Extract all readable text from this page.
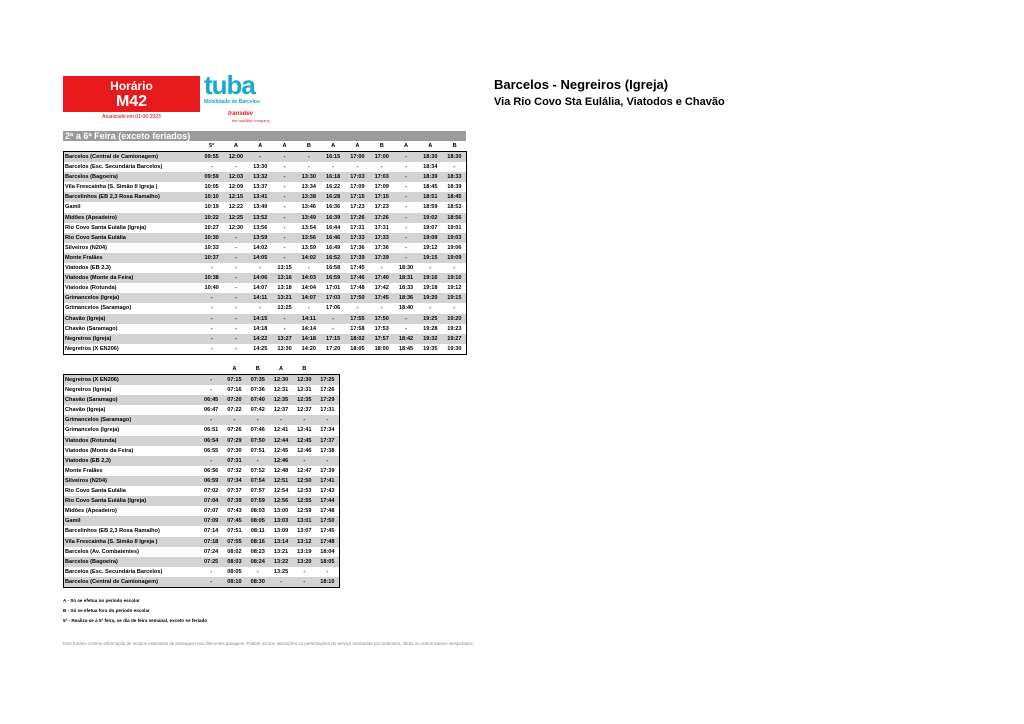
Horário
M42
Atualizado em 01-06-2023
tuba
Mobilidade de Barcelos
transdev
the mobility company
Barcelos - Negreiros (Igreja)
Via Rio Covo Sta Eulália, Viatodos e Chavão
2ª a 6ª Feira (exceto feriados)
	5ª	A	A	A	B	A	A	B	A	A	B
Barcelos (Central de Camionagem)	09:55	12:00	-	-	-	16:15	17:00	17:00	-	18:30	18:30
Barcelos (Esc. Secundária Barcelos)	-	-	13:30	-	-	-	-	-	-	18:34	-
Barcelos (Bagoeira)	09:59	12:03	13:32	-	13:30	16:18	17:03	17:03	-	18:39	18:33
Vila Frescainha (S. Simão II Igreja )	10:05	12:09	13:37	-	13:34	16:22	17:09	17:09	-	18:45	18:39
Barcelinhos (EB 2,3 Rosa Ramalho)	10:10	12:15	13:41	-	13:38	16:28	17:15	17:15	-	18:51	18:45
Gamil	10:19	12:22	13:49	-	13:46	16:36	17:23	17:23	-	18:59	18:53
Midões (Apeadeiro)	10:22	12:25	13:52	-	13:49	16:39	17:26	17:26	-	19:02	18:56
Rio Covo Santa Eulália (Igreja)	10:27	12:30	13:56	-	13:54	16:44	17:31	17:31	-	19:07	19:01
Rio Covo Santa Eulália	10:30	-	13:59	-	13:56	16:46	17:33	17:33	-	19:09	19:03
Silveiros (N204)	10:33	-	14:02	-	13:59	16:49	17:36	17:36	-	19:12	19:06
Monte Fralães	10:37	-	14:05	-	14:02	16:52	17:39	17:39	-	19:15	19:09
Viatodos (EB 2,3)	-	-	-	13:15	-	16:58	17:45	-	18:30	-	-
Viatodos (Monte da Feira)	10:38	-	14:06	13:16	14:03	16:59	17:46	17:40	18:31	19:16	19:10
Viatodos (Rotunda)	10:40	-	14:07	13:18	14:04	17:01	17:48	17:42	18:33	19:18	19:12
Grimancelos (Igreja)	-	-	14:11	13:21	14:07	17:03	17:50	17:45	18:36	19:20	19:15
Grimancelos (Saramago)	-	-	-	13:25	-	17:06	-	-	18:40	-	-
Chavão (Igreja)	-	-	14:15	-	14:11	-	17:55	17:50	-	19:25	19:20
Chavão (Saramago)	-	-	14:18	-	14:14	-	17:58	17:53	-	19:28	19:23
Negreiros (Igreja)	-	-	14:22	13:27	14:18	17:15	18:02	17:57	18:42	19:32	19:27
Negreiros (X EN206)	-	-	14:25	13:30	14:20	17:20	18:05	18:00	18:45	19:35	19:30
		A	B	A	B	
Negreiros (X EN206)	-	07:15	07:35	12:30	12:30	17:25
Negreiros (Igreja)	-	07:16	07:36	12:31	12:31	17:26
Chavão (Saramago)	06:45	07:20	07:40	12:35	12:35	17:29
Chavão (Igreja)	06:47	07:22	07:42	12:37	12:37	17:31
Grimancelos (Saramago)	-	-	-	-	-	-
Grimancelos (Igreja)	06:51	07:26	07:46	12:41	12:41	17:34
Viatodos (Rotunda)	06:54	07:29	07:50	12:44	12:45	17:37
Viatodos (Monte da Feira)	06:55	07:30	07:51	12:45	12:46	17:38
Viatodos (EB 2,3)	-	07:31	-	12:46	-	-
Monte Fralães	06:56	07:32	07:52	12:48	12:47	17:39
Silveiros (N204)	06:59	07:34	07:54	12:51	12:50	17:41
Rio Covo Santa Eulália	07:02	07:37	07:57	12:54	12:53	17:43
Rio Covo Santa Eulália (Igreja)	07:04	07:39	07:59	12:56	12:55	17:44
Midões (Apeadeiro)	07:07	07:43	08:03	13:00	12:59	17:48
Gamil	07:09	07:45	08:05	13:03	13:01	17:50
Barcelinhos (EB 2,3 Rosa Ramalho)	07:14	07:51	08:11	13:09	13:07	17:45
Vila Frescainha (S. Simão II Igreja )	07:18	07:55	08:16	13:14	13:12	17:48
Barcelos (Av. Combatentes)	07:24	08:02	08:23	13:21	13:19	18:04
Barcelos (Bagoeira)	07:25	08:03	08:24	13:22	13:20	18:05
Barcelos (Esc. Secundária Barcelos)	-	08:05	-	13:25	-	-
Barcelos (Central de Camionagem)	-	08:10	08:30	-	-	18:10
A - Só se efetua no período escolar
B - Só se efetua fora do período escolar
5ª - Realiza-se à 5ª feira, se dia de feira semanal, exceto se feriado
Este horário contém informação de tempos estimados de passagem nas diferentes paragens. Podem ocorrer alterações ou perturbações do serviço motivadas por acidentes, obras ou outros fatores inesperados.
